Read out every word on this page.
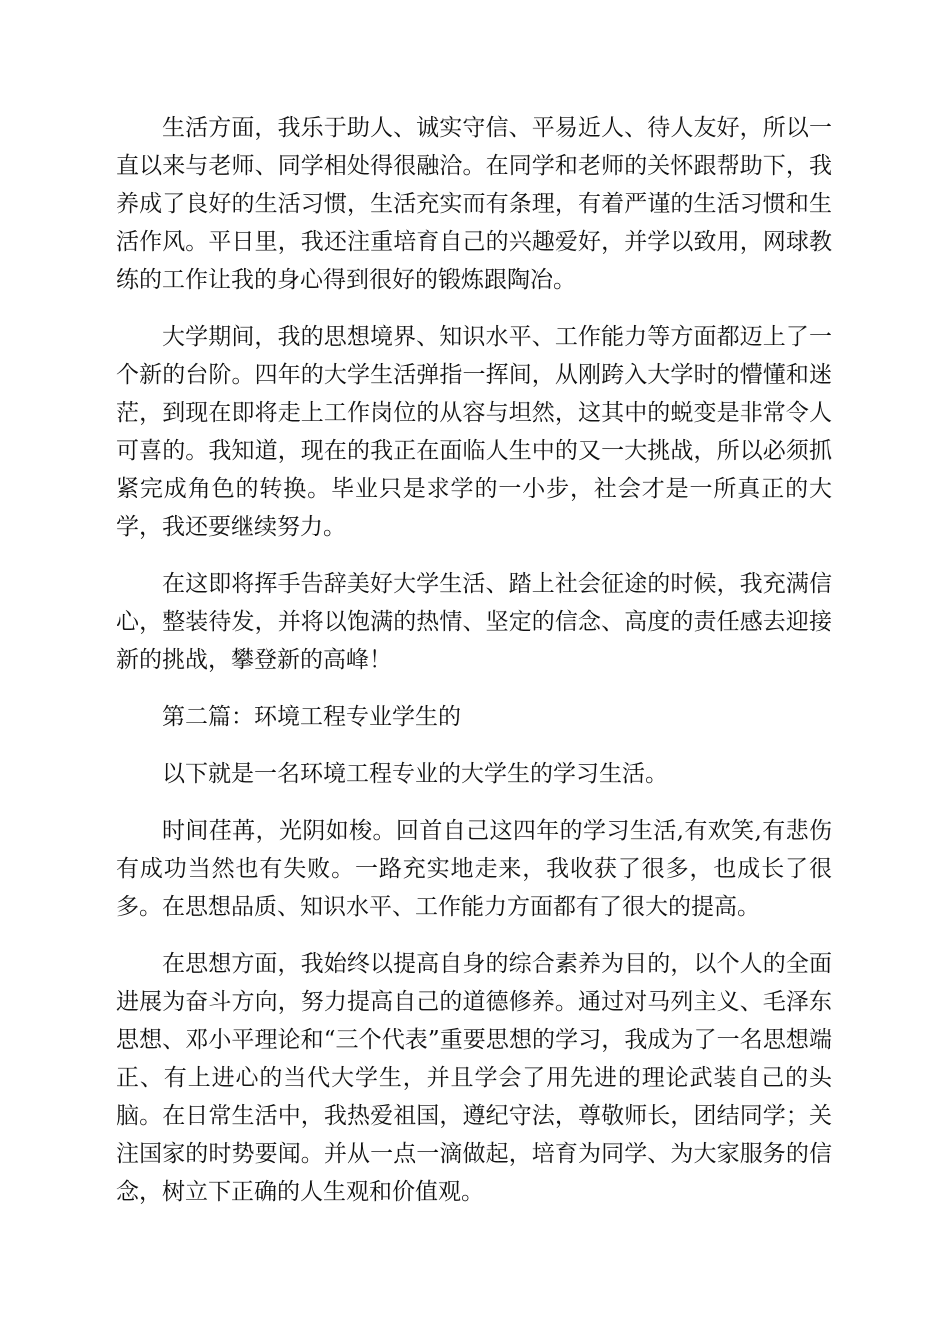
生活方面，我乐于助人、诚实守信、平易近人、待人友好，所以一直以来与老师、同学相处得很融洽。在同学和老师的关怀跟帮助下，我养成了良好的生活习惯，生活充实而有条理，有着严谨的生活习惯和生活作风。平日里，我还注重培育自己的兴趣爱好，并学以致用，网球教练的工作让我的身心得到很好的锻炼跟陶冶。

大学期间，我的思想境界、知识水平、工作能力等方面都迈上了一个新的台阶。四年的大学生活弹指一挥间，从刚跨入大学时的懵懂和迷茫，到现在即将走上工作岗位的从容与坦然，这其中的蜕变是非常令人可喜的。我知道，现在的我正在面临人生中的又一大挑战，所以必须抓紧完成角色的转换。毕业只是求学的一小步，社会才是一所真正的大学，我还要继续努力。

在这即将挥手告辞美好大学生活、踏上社会征途的时候，我充满信心，整装待发，并将以饱满的热情、坚定的信念、高度的责任感去迎接新的挑战，攀登新的高峰！

第二篇：环境工程专业学生的

以下就是一名环境工程专业的大学生的学习生活。

时间荏苒，光阴如梭。回首自己这四年的学习生活,有欢笑,有悲伤有成功当然也有失败。一路充实地走来，我收获了很多，也成长了很多。在思想品质、知识水平、工作能力方面都有了很大的提高。

在思想方面，我始终以提高自身的综合素养为目的，以个人的全面进展为奋斗方向，努力提高自己的道德修养。通过对马列主义、毛泽东思想、邓小平理论和“三个代表”重要思想的学习，我成为了一名思想端正、有上进心的当代大学生，并且学会了用先进的理论武装自己的头脑。在日常生活中，我热爱祖国，遵纪守法，尊敬师长，团结同学；关注国家的时势要闻。并从一点一滴做起，培育为同学、为大家服务的信念，树立下正确的人生观和价值观。
